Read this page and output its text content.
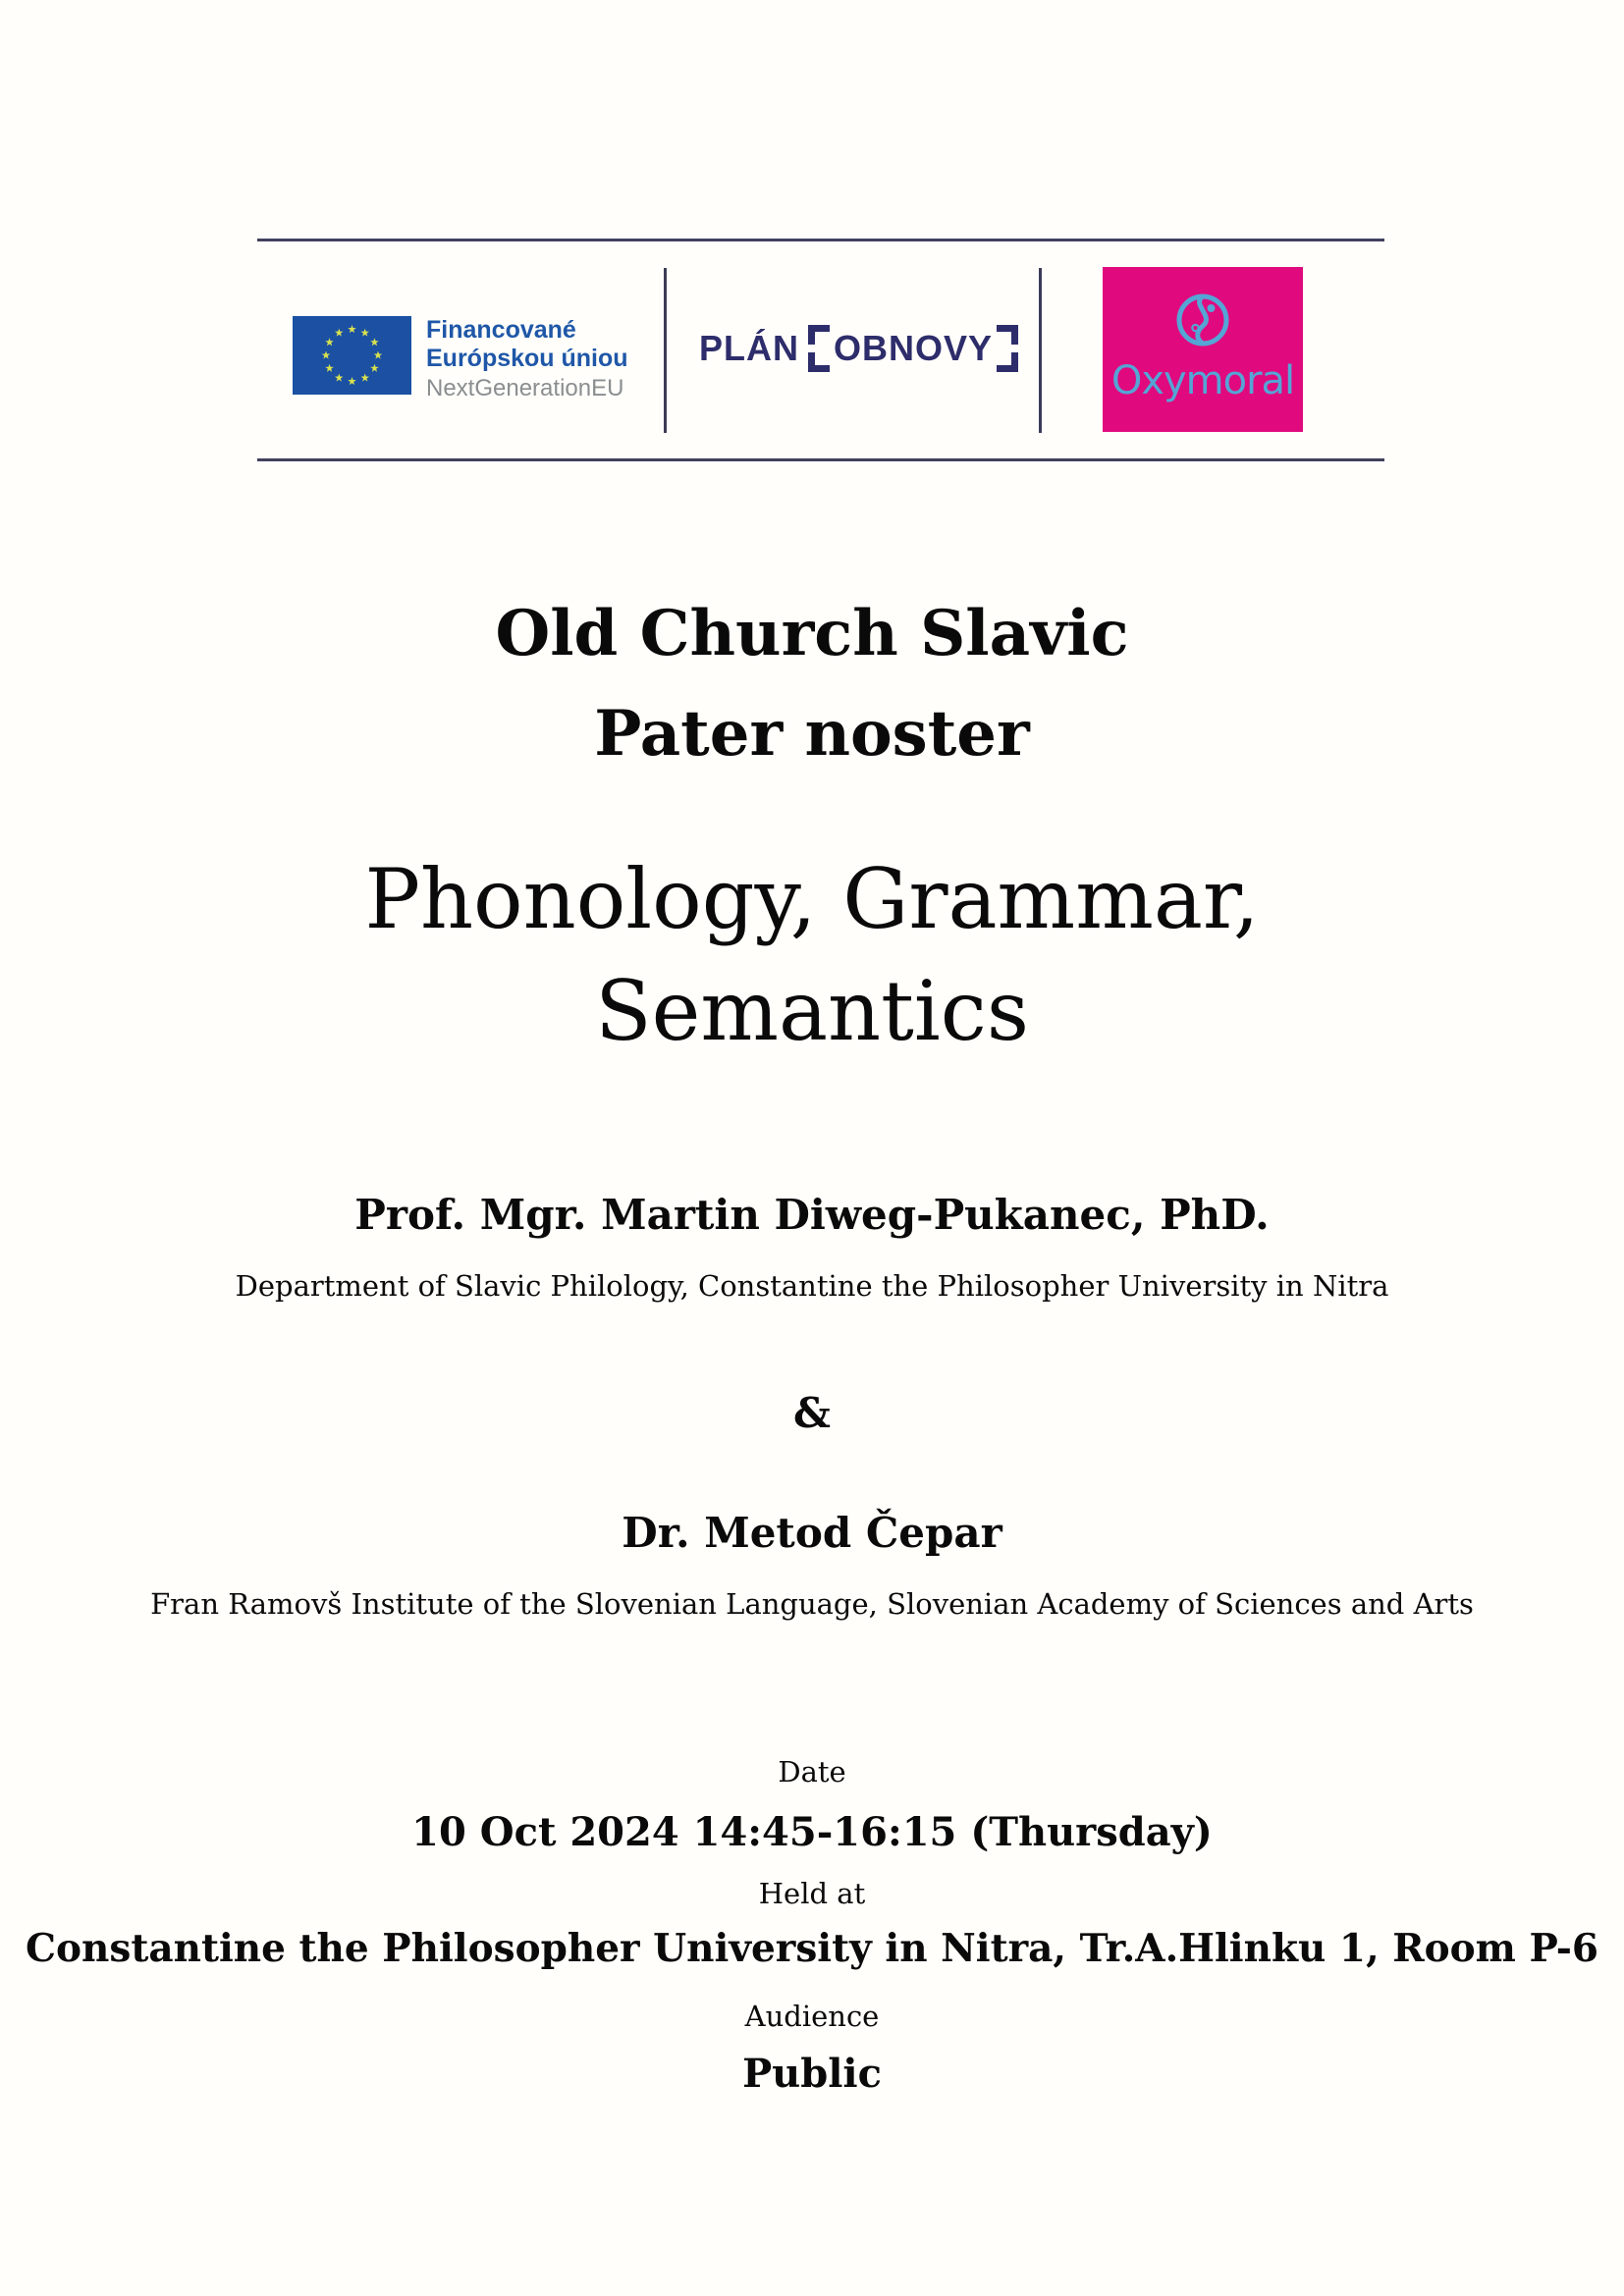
Financované
Európskou úniou
NextGenerationEU
PLÁN OBNOVY
Oxymoral
Old Church Slavic
Pater noster
Phonology, Grammar,
Semantics
Prof. Mgr. Martin Diweg-Pukanec, PhD.
Department of Slavic Philology, Constantine the Philosopher University in Nitra
&
Dr. Metod Čepar
Fran Ramovš Institute of the Slovenian Language, Slovenian Academy of Sciences and Arts
Date
10 Oct 2024 14:45-16:15 (Thursday)
Held at
Constantine the Philosopher University in Nitra, Tr.A.Hlinku 1, Room P-6
Audience
Public
